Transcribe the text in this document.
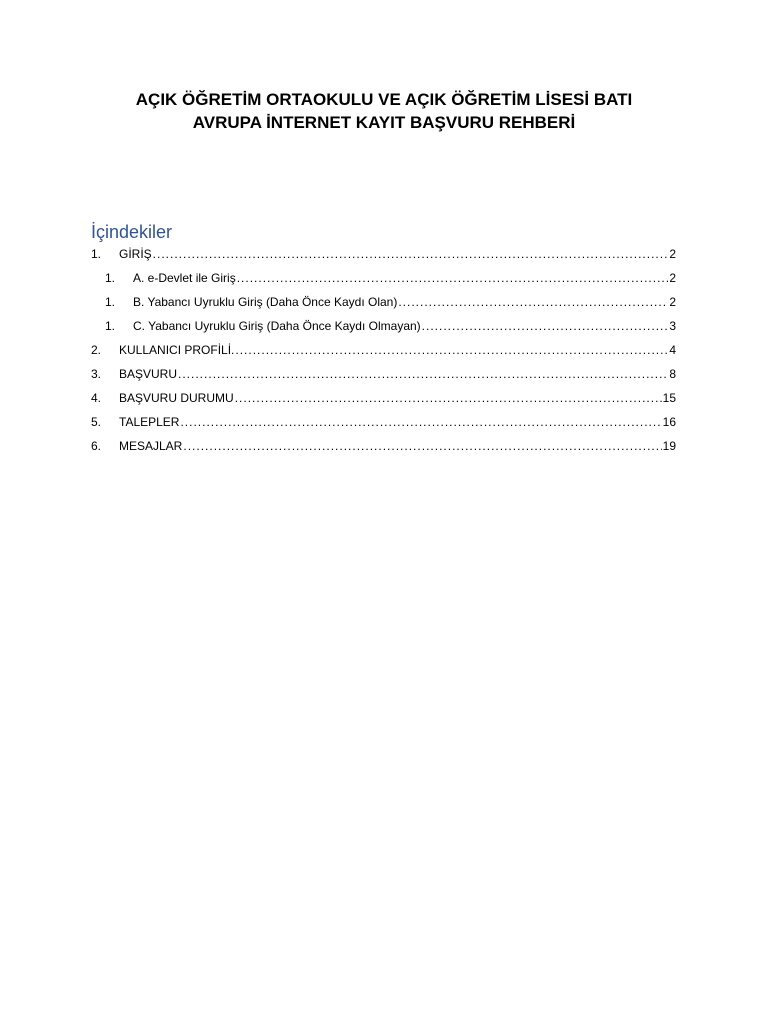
AÇIK ÖĞRETİM ORTAOKULU VE AÇIK ÖĞRETİM LİSESİ BATI
AVRUPA İNTERNET KAYIT BAŞVURU REHBERİ
İçindekiler
1.	GİRİŞ .....	2
1.	A. e-Devlet ile Giriş .....	2
1.	B. Yabancı Uyruklu Giriş (Daha Önce Kaydı Olan) .....	2
1.	C. Yabancı Uyruklu Giriş (Daha Önce Kaydı Olmayan) .....	3
2.	KULLANICI PROFİLİ. .....	4
3.	BAŞVURU .....	8
4.	BAŞVURU DURUMU .....	15
5.	TALEPLER .....	16
6.	MESAJLAR .....	19
